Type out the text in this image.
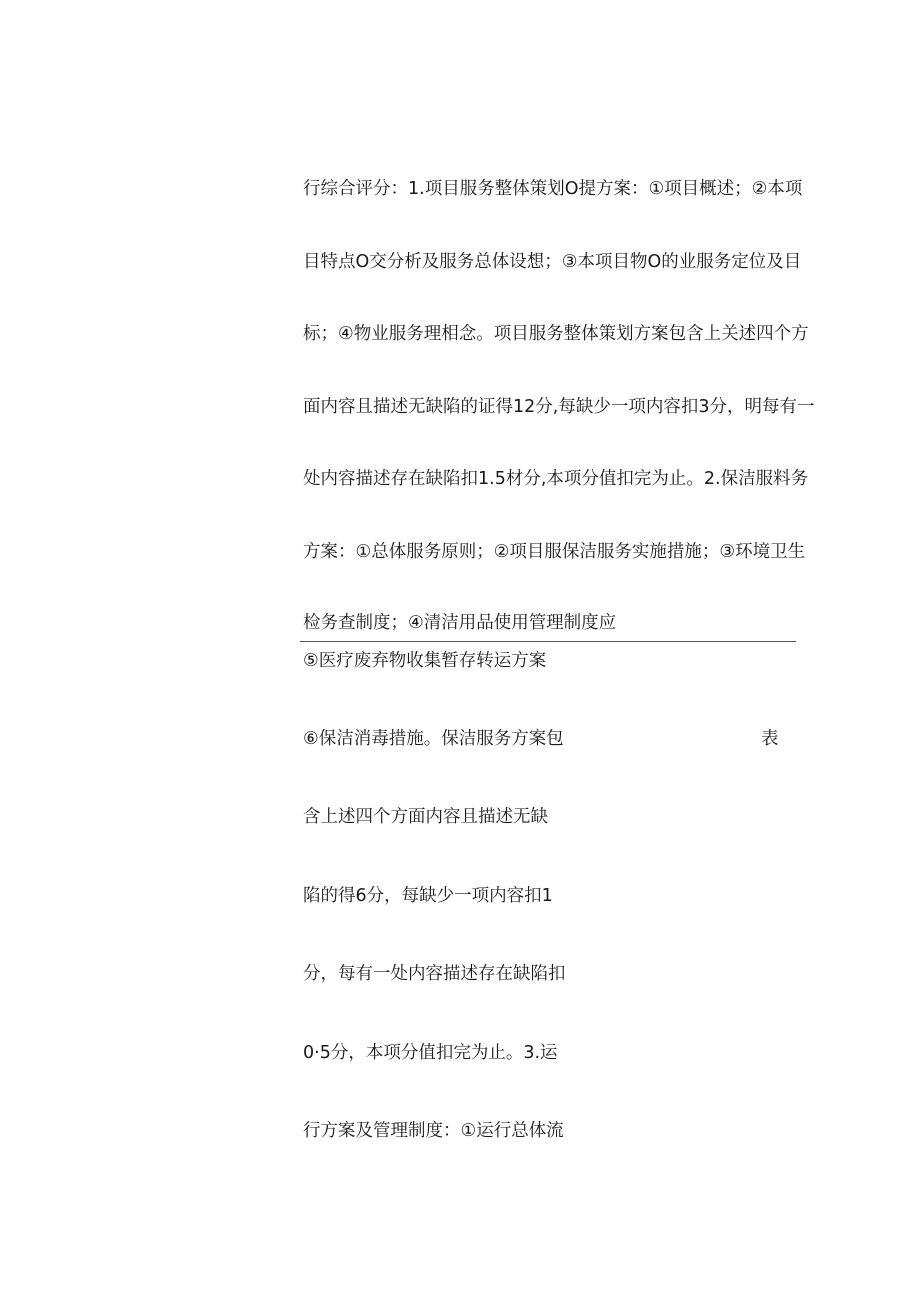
行综合评分：1.项目服务整体策划O提方案：①项目概述；②本项
目特点O交分析及服务总体设想；③本项目物O的业服务定位及目
标；④物业服务理相念。项目服务整体策划方案包含上关述四个方
面内容且描述无缺陷的证得12分,每缺少一项内容扣3分，明每有一
处内容描述存在缺陷扣1.5材分,本项分值扣完为止。2.保洁服料务
方案：①总体服务原则；②项目服保洁服务实施措施；③环境卫生
检务查制度；④清洁用品使用管理制度应
⑤医疗废弃物收集暂存转运方案
⑥保洁消毒措施。保洁服务方案包	表
含上述四个方面内容且描述无缺
陷的得6分，每缺少一项内容扣1
分，每有一处内容描述存在缺陷扣
0·5分，本项分值扣完为止。3.运
行方案及管理制度：①运行总体流
